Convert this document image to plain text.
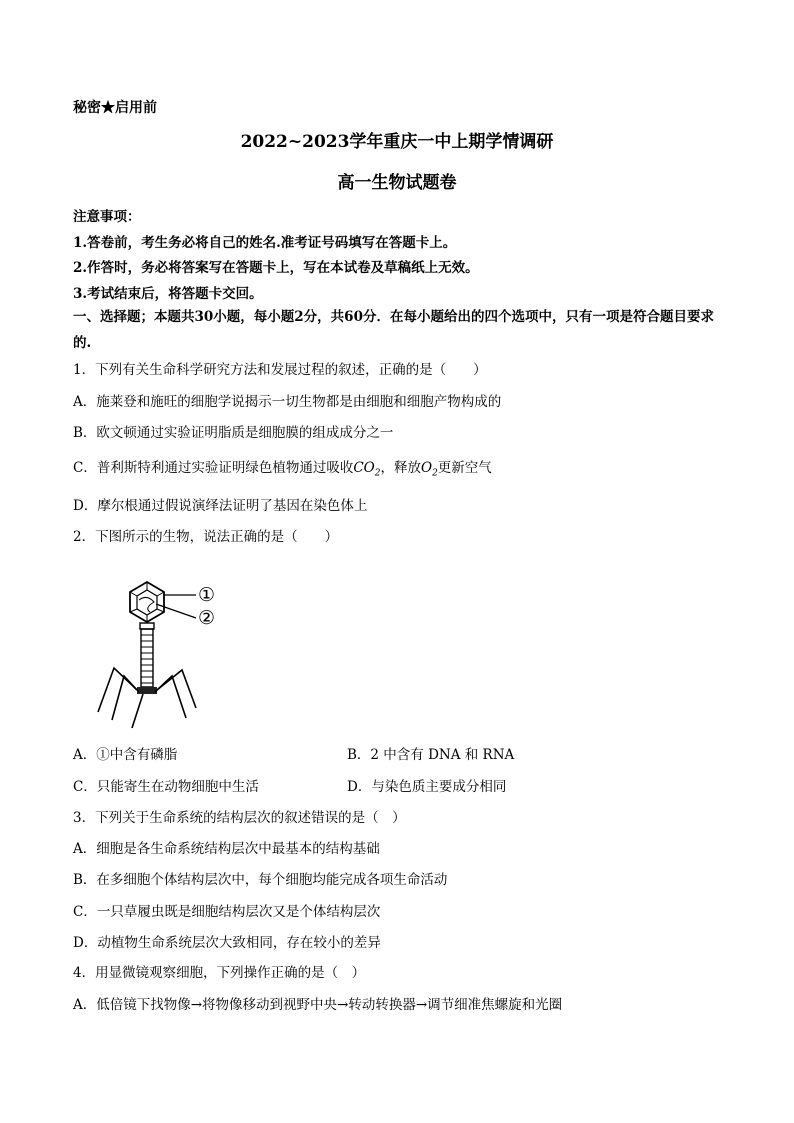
秘密★启用前
2022~2023学年重庆一中上期学情调研
高一生物试题卷
注意事项：
1.答卷前，考生务必将自己的姓名.准考证号码填写在答题卡上。
2.作答时，务必将答案写在答题卡上，写在本试卷及草稿纸上无效。
3.考试结束后，将答题卡交回。
一、选择题；本题共30小题，每小题2分，共60分．在每小题给出的四个选项中，只有一项是符合题目要求的.
1．下列有关生命科学研究方法和发展过程的叙述，正确的是（　　）
A．施莱登和施旺的细胞学说揭示一切生物都是由细胞和细胞产物构成的
B．欧文顿通过实验证明脂质是细胞膜的组成成分之一
C．普利斯特利通过实验证明绿色植物通过吸收$CO_2$，释放$O_2$更新空气
D．摩尔根通过假说演绎法证明了基因在染色体上
2．下图所示的生物，说法正确的是（　　）
①
②
A．①中含有磷脂	B．2 中含有 DNA 和 RNA
C．只能寄生在动物细胞中生活	D．与染色质主要成分相同
3．下列关于生命系统的结构层次的叙述错误的是（　）
A．细胞是各生命系统结构层次中最基本的结构基础
B．在多细胞个体结构层次中，每个细胞均能完成各项生命活动
C．一只草履虫既是细胞结构层次又是个体结构层次
D．动植物生命系统层次大致相同，存在较小的差异
4．用显微镜观察细胞，下列操作正确的是（　）
A．低倍镜下找物像→将物像移动到视野中央→转动转换器→调节细准焦螺旋和光圈
